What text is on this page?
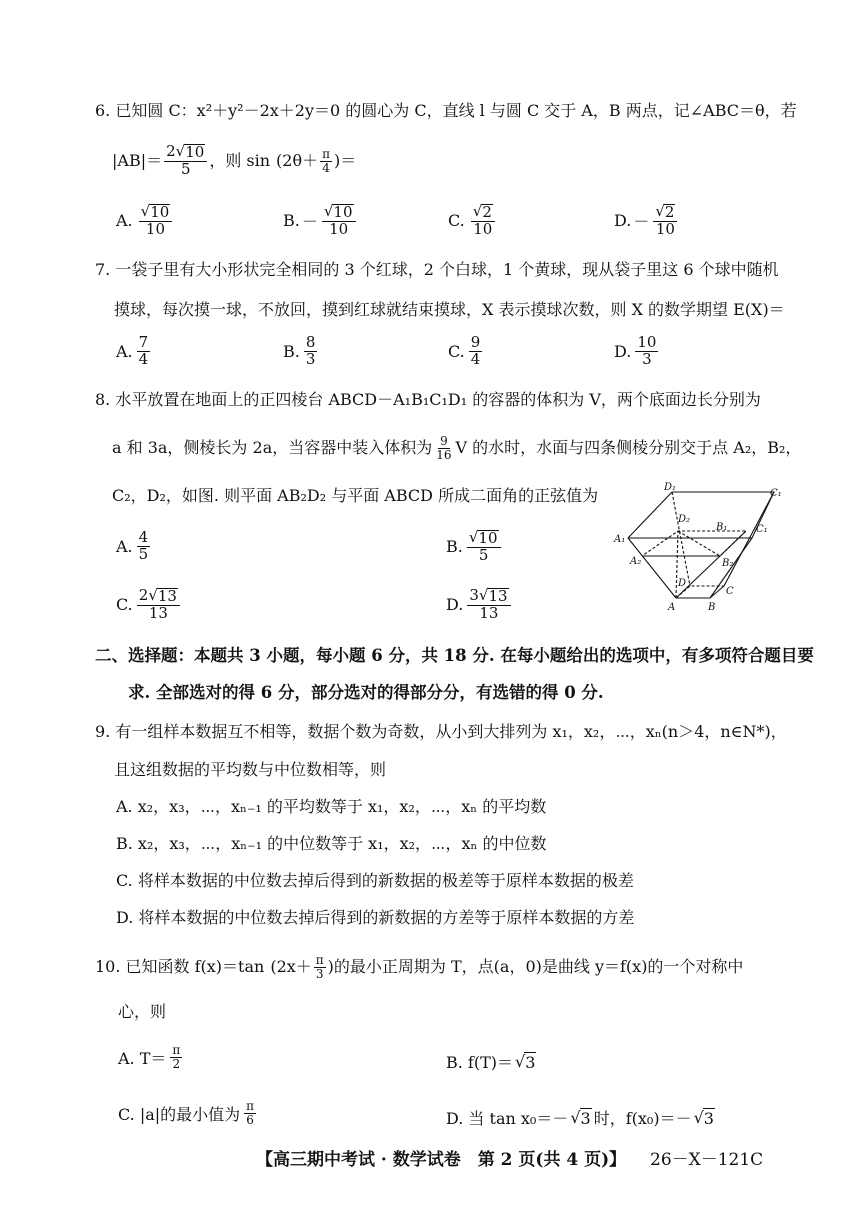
6. 已知圆 C：x²＋y²－2x＋2y＝0 的圆心为 C，直线 l 与圆 C 交于 A，B 两点，记∠ABC＝θ，若
$|AB|= \frac{2 √ 10}{5}$ ，则 $\sin (2\theta+ \frac{\pi}{4}$ )＝
A. $\frac{√ 10}{10}$	B. － $\frac{√ 10}{10}$	C. $\frac{√ 2}{10}$	D. － $\frac{√ 2}{10}$
7. 一袋子里有大小形状完全相同的 3 个红球，2 个白球，1 个黄球，现从袋子里这 6 个球中随机
摸球，每次摸一球，不放回，摸到红球就结束摸球，X 表示摸球次数，则 X 的数学期望 E(X)＝
A. $\frac{7}{4}$	B. $\frac{8}{3}$	C. $\frac{9}{4}$	D. $\frac{10}{3}$
8. 水平放置在地面上的正四棱台 ABCD－A₁B₁C₁D₁ 的容器的体积为 V，两个底面边长分别为
a 和 3a，侧棱长为 2a，当容器中装入体积为 $\frac{9}{16}$ V 的水时，水面与四条侧棱分别交于点 A₂，B₂，
C₂，D₂，如图. 则平面 AB₂D₂ 与平面 ABCD 所成二面角的正弦值为
A. $\frac{4}{5}$	B. $\frac{√ 10}{5}$
C. $\frac{2 √ 13}{13}$	D. $\frac{3 √ 13}{13}$
D₁
C₁
D₂
B₁	C₁
A₁
A₂	B₂
D
C
A	B
二、选择题：本题共 3 小题，每小题 6 分，共 18 分. 在每小题给出的选项中，有多项符合题目要
求. 全部选对的得 6 分，部分选对的得部分分，有选错的得 0 分.
9. 有一组样本数据互不相等，数据个数为奇数，从小到大排列为 x₁，x₂，⋯，xₙ(n＞4，n∈N*)，
且这组数据的平均数与中位数相等，则
A. x₂，x₃，⋯，xₙ₋₁ 的平均数等于 x₁，x₂，⋯，xₙ 的平均数
B. x₂，x₃，⋯，xₙ₋₁ 的中位数等于 x₁，x₂，⋯，xₙ 的中位数
C. 将样本数据的中位数去掉后得到的新数据的极差等于原样本数据的极差
D. 将样本数据的中位数去掉后得到的新数据的方差等于原样本数据的方差
10. 已知函数 f(x)＝tan ($2x+ \frac{\pi}{3}$ )的最小正周期为 T，点(a，0)是曲线 y＝f(x)的一个对称中
心，则
A. $T= \frac{\pi}{2}$	B. f(T)＝ √ 3
C. |a|的最小值为 $\frac{\pi}{6}$	D. 当 tan x₀＝－ √ 3 时，f(x₀)＝－ √ 3
【高三期中考试 · 数学试卷　第 2 页(共 4 页)】 26－X－121C
